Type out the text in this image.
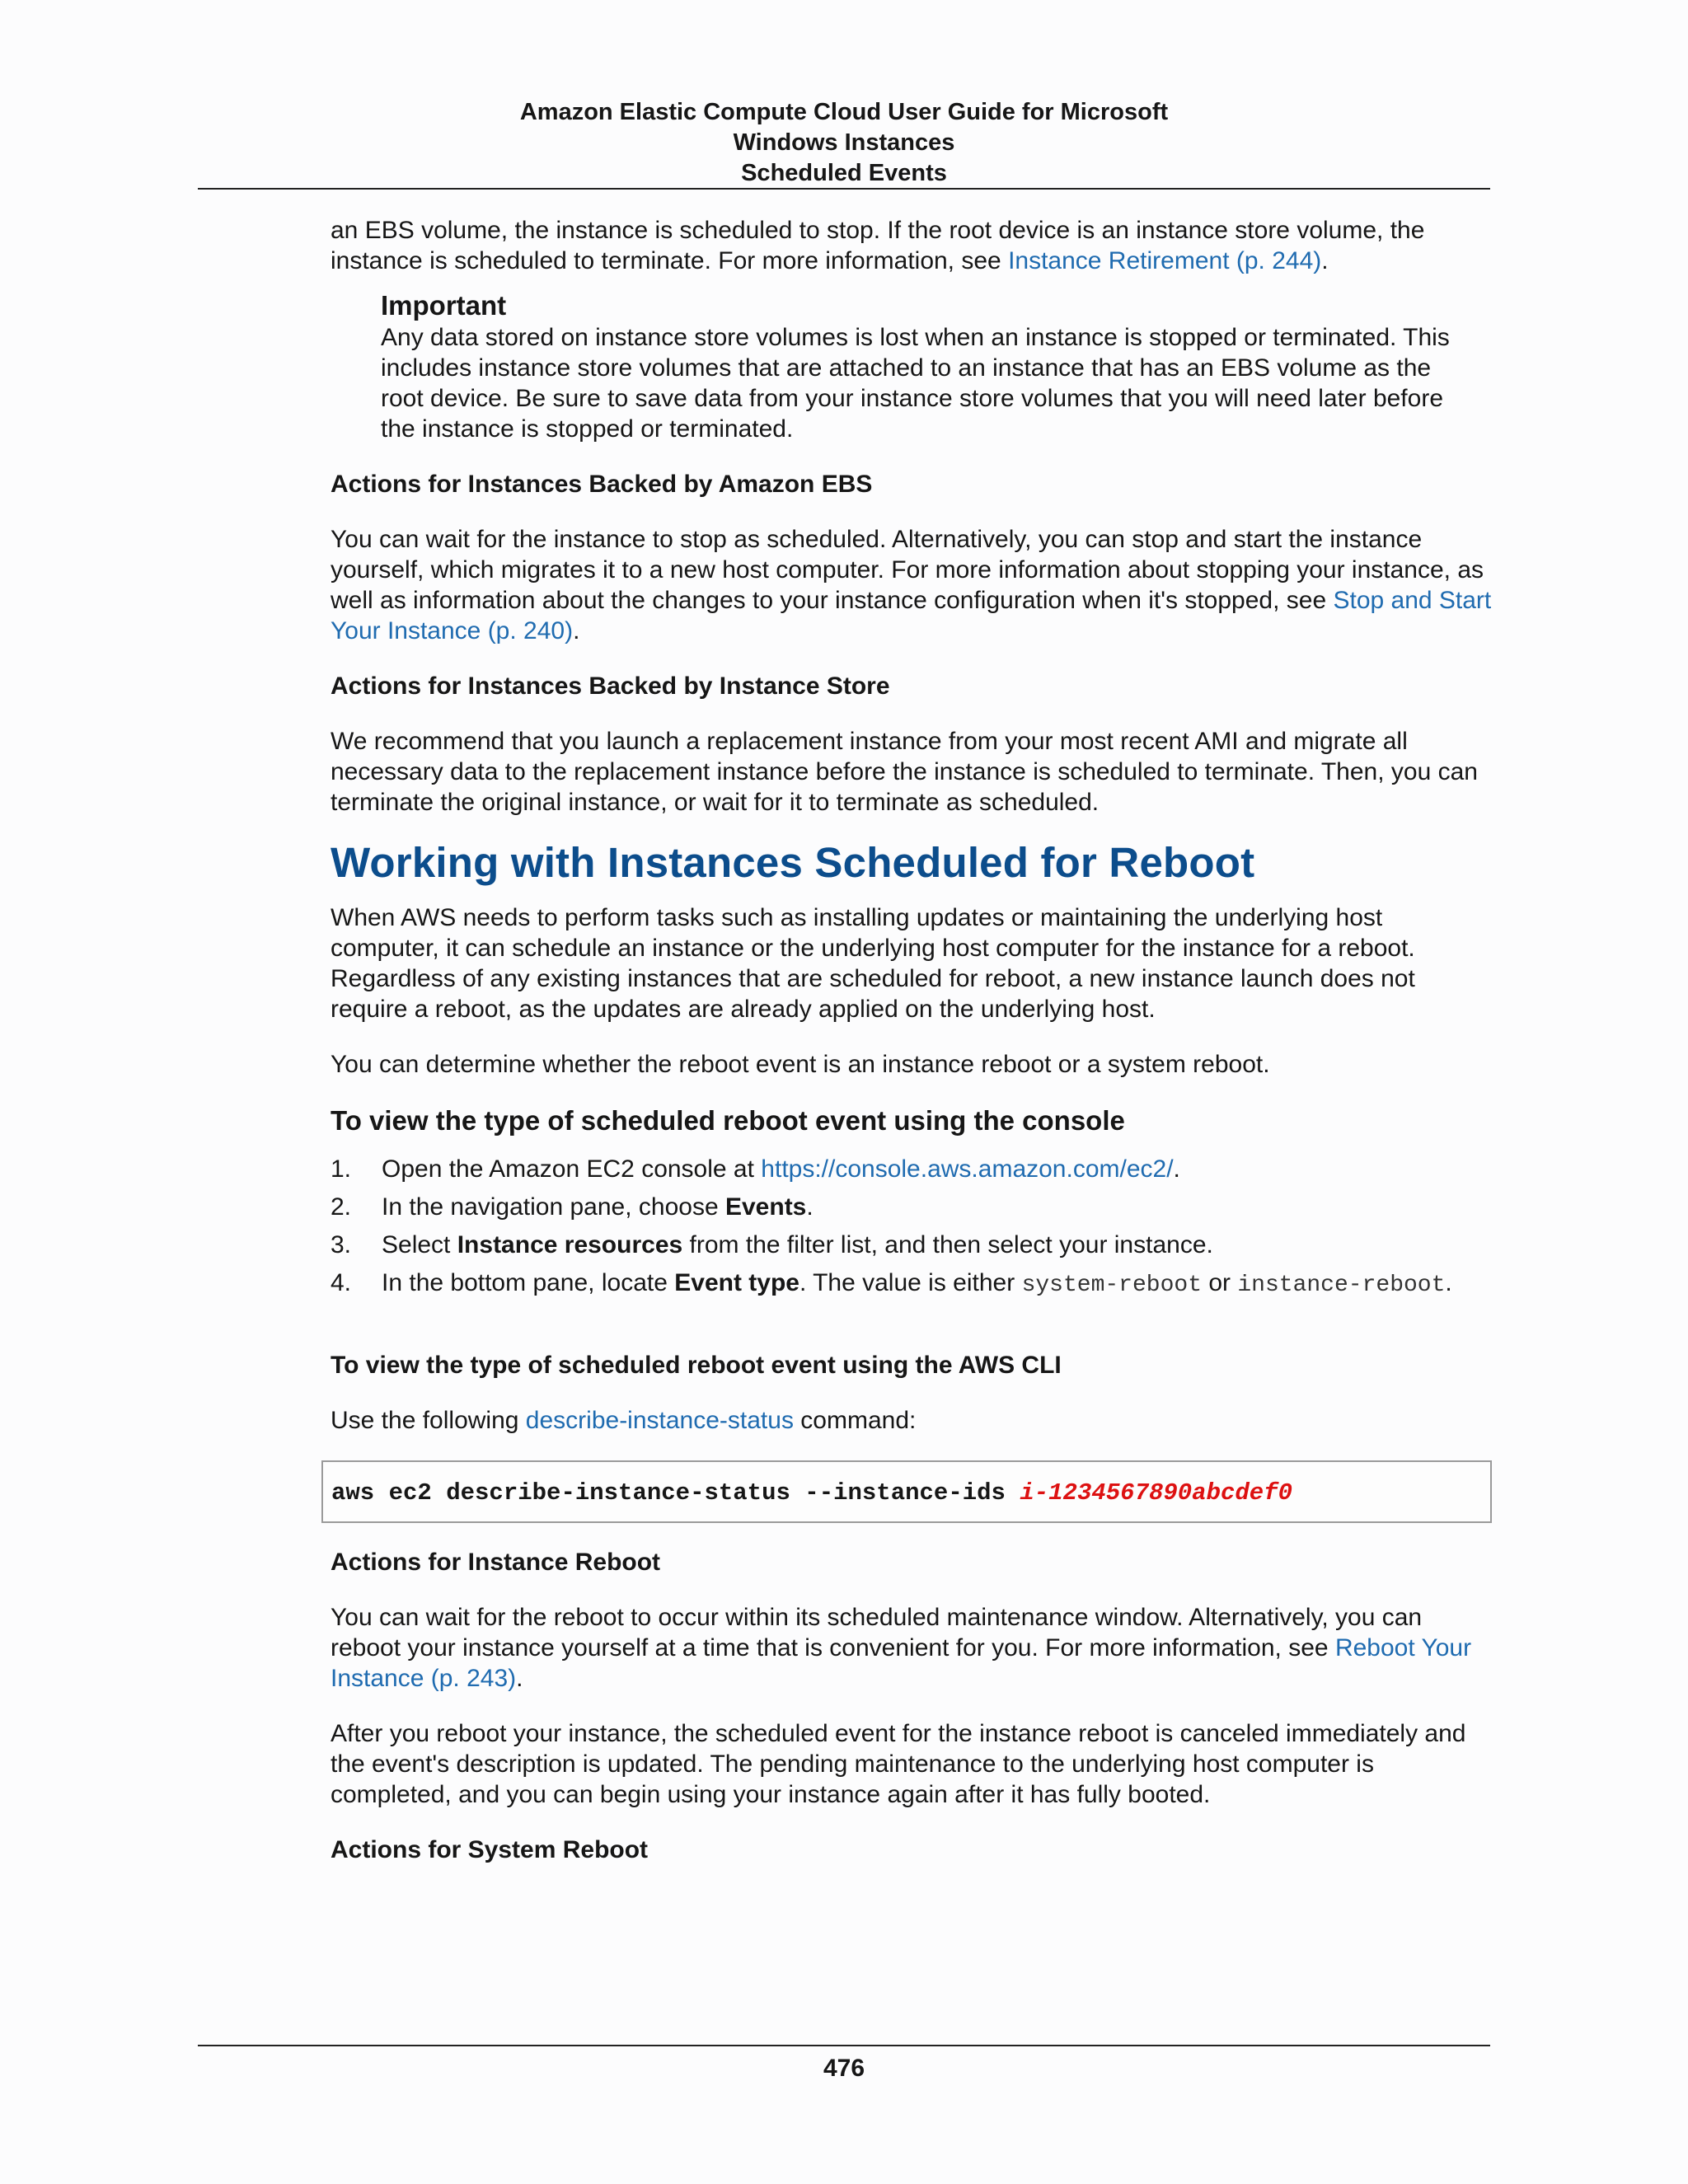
Amazon Elastic Compute Cloud User Guide for Microsoft
Windows Instances
Scheduled Events

an EBS volume, the instance is scheduled to stop. If the root device is an instance store volume, the instance is scheduled to terminate. For more information, see Instance Retirement (p. 244).

Important

Any data stored on instance store volumes is lost when an instance is stopped or terminated. This includes instance store volumes that are attached to an instance that has an EBS volume as the root device. Be sure to save data from your instance store volumes that you will need later before the instance is stopped or terminated.

Actions for Instances Backed by Amazon EBS

You can wait for the instance to stop as scheduled. Alternatively, you can stop and start the instance yourself, which migrates it to a new host computer. For more information about stopping your instance, as well as information about the changes to your instance configuration when it's stopped, see Stop and Start Your Instance (p. 240).

Actions for Instances Backed by Instance Store

We recommend that you launch a replacement instance from your most recent AMI and migrate all necessary data to the replacement instance before the instance is scheduled to terminate. Then, you can terminate the original instance, or wait for it to terminate as scheduled.

Working with Instances Scheduled for Reboot

When AWS needs to perform tasks such as installing updates or maintaining the underlying host computer, it can schedule an instance or the underlying host computer for the instance for a reboot. Regardless of any existing instances that are scheduled for reboot, a new instance launch does not require a reboot, as the updates are already applied on the underlying host.

You can determine whether the reboot event is an instance reboot or a system reboot.

To view the type of scheduled reboot event using the console
1. Open the Amazon EC2 console at https://console.aws.amazon.com/ec2/.
2. In the navigation pane, choose Events.
3. Select Instance resources from the filter list, and then select your instance.
4. In the bottom pane, locate Event type. The value is either system-reboot or instance-reboot.
To view the type of scheduled reboot event using the AWS CLI

Use the following describe-instance-status command:

aws ec2 describe-instance-status --instance-ids i-1234567890abcdef0
Actions for Instance Reboot

You can wait for the reboot to occur within its scheduled maintenance window. Alternatively, you can reboot your instance yourself at a time that is convenient for you. For more information, see Reboot Your Instance (p. 243).

After you reboot your instance, the scheduled event for the instance reboot is canceled immediately and the event's description is updated. The pending maintenance to the underlying host computer is completed, and you can begin using your instance again after it has fully booted.

Actions for System Reboot
476
